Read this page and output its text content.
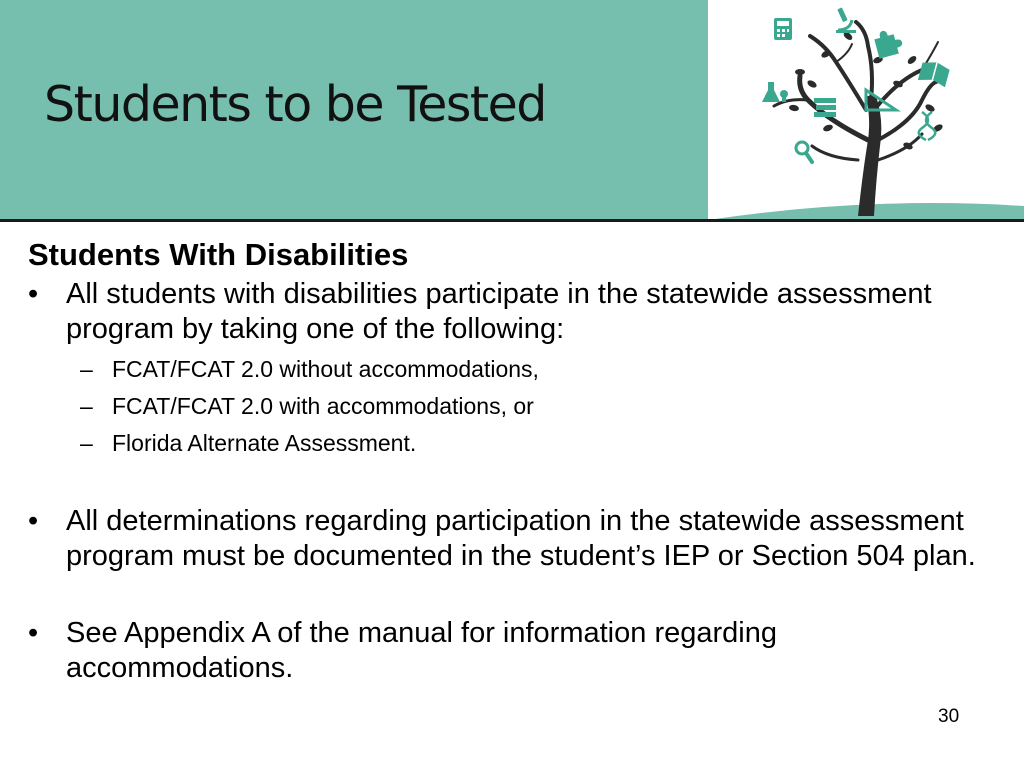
Students to be Tested
Students With Disabilities
• All students with disabilities participate in the statewide assessment program by taking one of the following:
– FCAT/FCAT 2.0 without accommodations,
– FCAT/FCAT 2.0 with accommodations, or
– Florida Alternate Assessment.
• All determinations regarding participation in the statewide assessment program must be documented in the student’s IEP or Section 504 plan.
• See Appendix A of the manual for information regarding accommodations.
30
